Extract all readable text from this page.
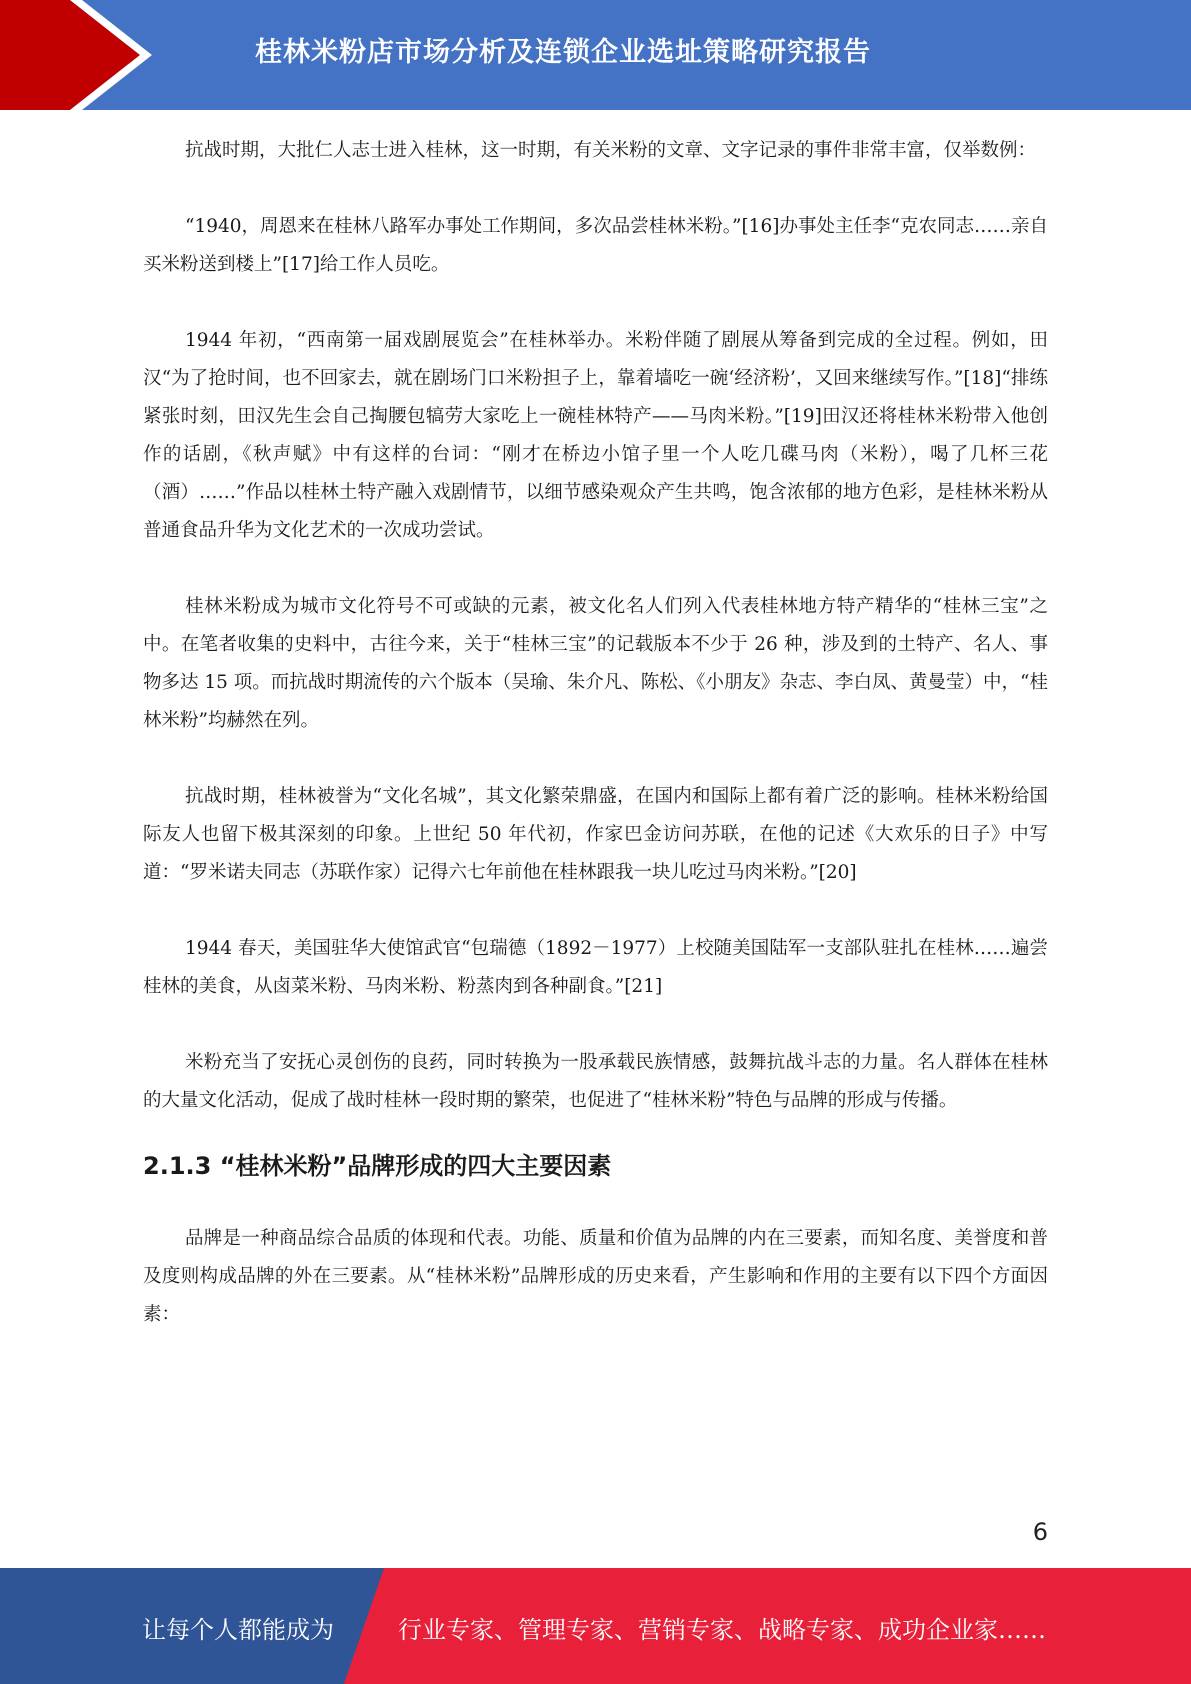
桂林米粉店市场分析及连锁企业选址策略研究报告

抗战时期，大批仁人志士进入桂林，这一时期，有关米粉的文章、文字记录的事件非常丰富，仅举数例：

“1940，周恩来在桂林八路军办事处工作期间，多次品尝桂林米粉。”[16]办事处主任李“克农同志……亲自买米粉送到楼上”[17]给工作人员吃。

1944 年初，“西南第一届戏剧展览会”在桂林举办。米粉伴随了剧展从筹备到完成的全过程。例如，田汉“为了抢时间，也不回家去，就在剧场门口米粉担子上，靠着墙吃一碗‘经济粉’，又回来继续写作。”[18]“排练紧张时刻，田汉先生会自己掏腰包犒劳大家吃上一碗桂林特产——马肉米粉。”[19]田汉还将桂林米粉带入他创作的话剧，《秋声赋》中有这样的台词：“刚才在桥边小馆子里一个人吃几碟马肉（米粉），喝了几杯三花（酒）……”作品以桂林土特产融入戏剧情节，以细节感染观众产生共鸣，饱含浓郁的地方色彩，是桂林米粉从普通食品升华为文化艺术的一次成功尝试。

桂林米粉成为城市文化符号不可或缺的元素，被文化名人们列入代表桂林地方特产精华的“桂林三宝”之中。在笔者收集的史料中，古往今来，关于“桂林三宝”的记载版本不少于 26 种，涉及到的土特产、名人、事物多达 15 项。而抗战时期流传的六个版本（吴瑜、朱介凡、陈松、《小朋友》杂志、李白凤、黄曼莹）中，“桂林米粉”均赫然在列。

抗战时期，桂林被誉为“文化名城”，其文化繁荣鼎盛，在国内和国际上都有着广泛的影响。桂林米粉给国际友人也留下极其深刻的印象。上世纪 50 年代初，作家巴金访问苏联，在他的记述《大欢乐的日子》中写道：“罗米诺夫同志（苏联作家）记得六七年前他在桂林跟我一块儿吃过马肉米粉。”[20]

1944 春天，美国驻华大使馆武官“包瑞德（1892－1977）上校随美国陆军一支部队驻扎在桂林……遍尝桂林的美食，从卤菜米粉、马肉米粉、粉蒸肉到各种副食。”[21]

米粉充当了安抚心灵创伤的良药，同时转换为一股承载民族情感，鼓舞抗战斗志的力量。名人群体在桂林的大量文化活动，促成了战时桂林一段时期的繁荣，也促进了“桂林米粉”特色与品牌的形成与传播。

2.1.3 “桂林米粉”品牌形成的四大主要因素

品牌是一种商品综合品质的体现和代表。功能、质量和价值为品牌的内在三要素，而知名度、美誉度和普及度则构成品牌的外在三要素。从“桂林米粉”品牌形成的历史来看，产生影响和作用的主要有以下四个方面因素：

6
让每个人都能成为	行业专家、管理专家、营销专家、战略专家、成功企业家……
